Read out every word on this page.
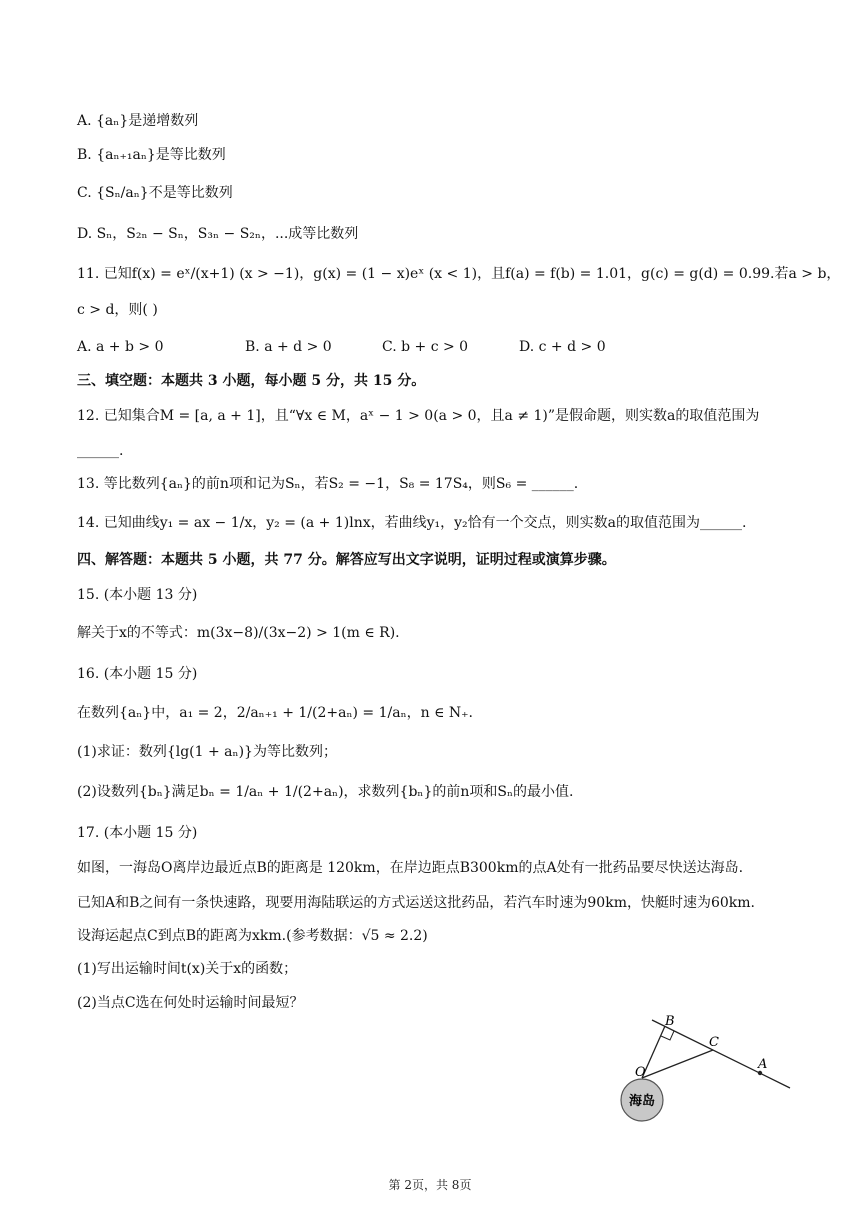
A. {aₙ}是递增数列
B. {aₙ₊₁aₙ}是等比数列
C. {Sₙ/aₙ}不是等比数列
D. Sₙ，S₂ₙ − Sₙ，S₃ₙ − S₂ₙ，...成等比数列
11. 已知f(x) = eˣ/(x+1) (x > −1)，g(x) = (1 − x)eˣ (x < 1)，且f(a) = f(b) = 1.01，g(c) = g(d) = 0.99.若a > b，
c > d，则( )
A. a + b > 0	B. a + d > 0	C. b + c > 0	D. c + d > 0
三、填空题：本题共 3 小题，每小题 5 分，共 15 分。
12. 已知集合M = [a, a + 1]，且“∀x ∈ M，aˣ − 1 > 0(a > 0，且a ≠ 1)”是假命题，则实数a的取值范围为
______.
13. 等比数列{aₙ}的前n项和记为Sₙ，若S₂ = −1，S₈ = 17S₄，则S₆ = ______.
14. 已知曲线y₁ = ax − 1/x，y₂ = (a + 1)lnx，若曲线y₁，y₂恰有一个交点，则实数a的取值范围为______.
四、解答题：本题共 5 小题，共 77 分。解答应写出文字说明，证明过程或演算步骤。
15. (本小题 13 分)
解关于x的不等式：m(3x−8)/(3x−2) > 1(m ∈ R).
16. (本小题 15 分)
在数列{aₙ}中，a₁ = 2，2/aₙ₊₁ + 1/(2+aₙ) = 1/aₙ，n ∈ N₊.
(1)求证：数列{lg(1 + aₙ)}为等比数列；
(2)设数列{bₙ}满足bₙ = 1/aₙ + 1/(2+aₙ)，求数列{bₙ}的前n项和Sₙ的最小值.
17. (本小题 15 分)
如图，一海岛O离岸边最近点B的距离是 120km，在岸边距点B300km的点A处有一批药品要尽快送达海岛.
已知A和B之间有一条快速路，现要用海陆联运的方式运送这批药品，若汽车时速为90km，快艇时速为60km.
设海运起点C到点B的距离为xkm.(参考数据：√5 ≈ 2.2)
(1)写出运输时间t(x)关于x的函数；
(2)当点C选在何处时运输时间最短？
B
C
A
O
海岛
第 2页，共 8页
